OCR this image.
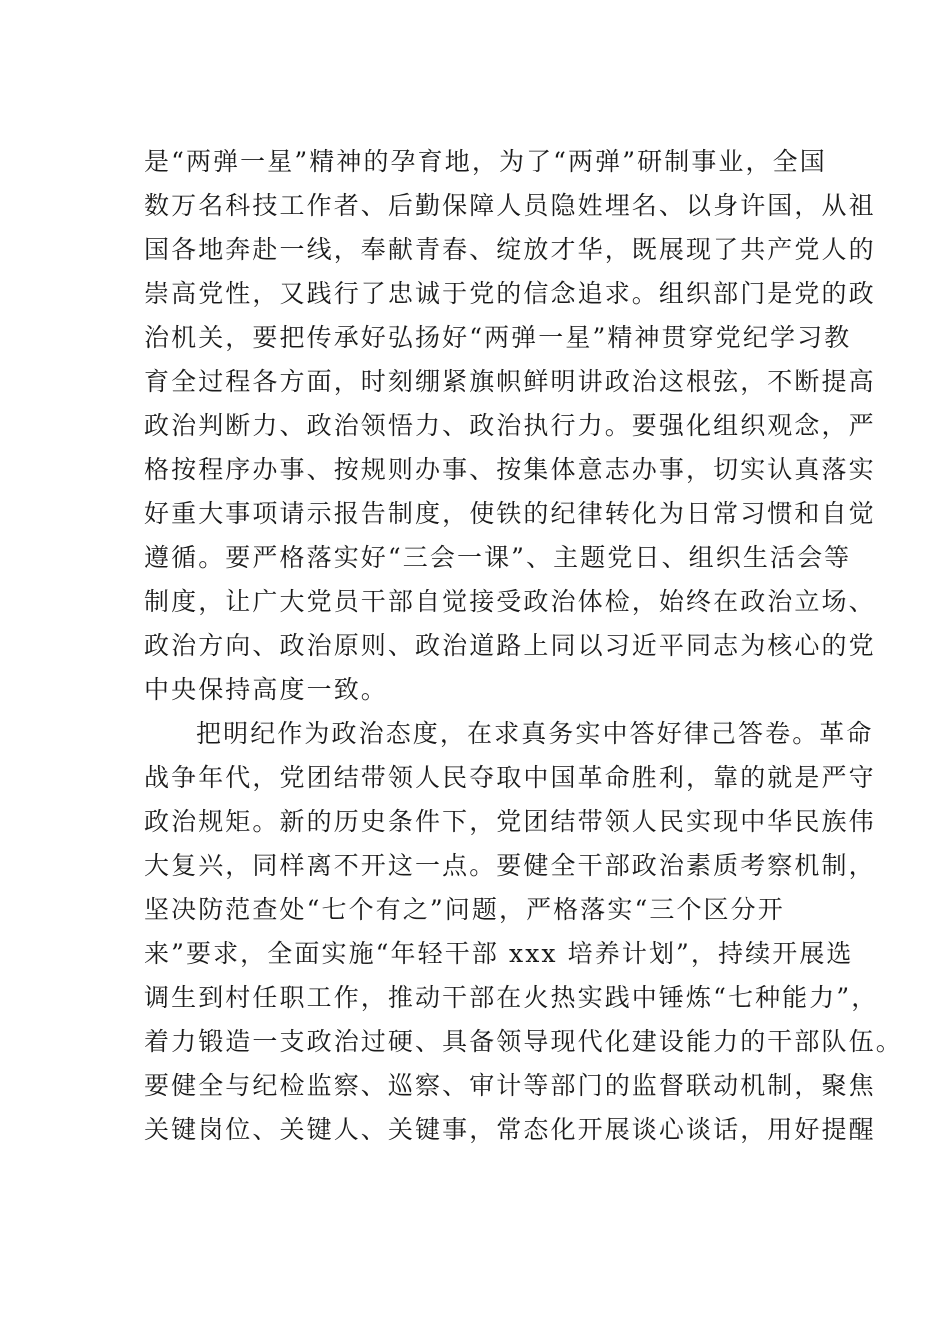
是“两弹一星”精神的孕育地，为了“两弹”研制事业，全国
数万名科技工作者、后勤保障人员隐姓埋名、以身许国，从祖
国各地奔赴一线，奉献青春、绽放才华，既展现了共产党人的
崇高党性，又践行了忠诚于党的信念追求。组织部门是党的政
治机关，要把传承好弘扬好“两弹一星”精神贯穿党纪学习教
育全过程各方面，时刻绷紧旗帜鲜明讲政治这根弦，不断提高
政治判断力、政治领悟力、政治执行力。要强化组织观念，严
格按程序办事、按规则办事、按集体意志办事，切实认真落实
好重大事项请示报告制度，使铁的纪律转化为日常习惯和自觉
遵循。要严格落实好“三会一课”、主题党日、组织生活会等
制度，让广大党员干部自觉接受政治体检，始终在政治立场、
政治方向、政治原则、政治道路上同以习近平同志为核心的党
中央保持高度一致。
把明纪作为政治态度，在求真务实中答好律己答卷。革命
战争年代，党团结带领人民夺取中国革命胜利，靠的就是严守
政治规矩。新的历史条件下，党团结带领人民实现中华民族伟
大复兴，同样离不开这一点。要健全干部政治素质考察机制，
坚决防范查处“七个有之”问题，严格落实“三个区分开
来”要求，全面实施“年轻干部 xxx 培养计划”，持续开展选
调生到村任职工作，推动干部在火热实践中锤炼“七种能力”，
着力锻造一支政治过硬、具备领导现代化建设能力的干部队伍。
要健全与纪检监察、巡察、审计等部门的监督联动机制，聚焦
关键岗位、关键人、关键事，常态化开展谈心谈话，用好提醒
